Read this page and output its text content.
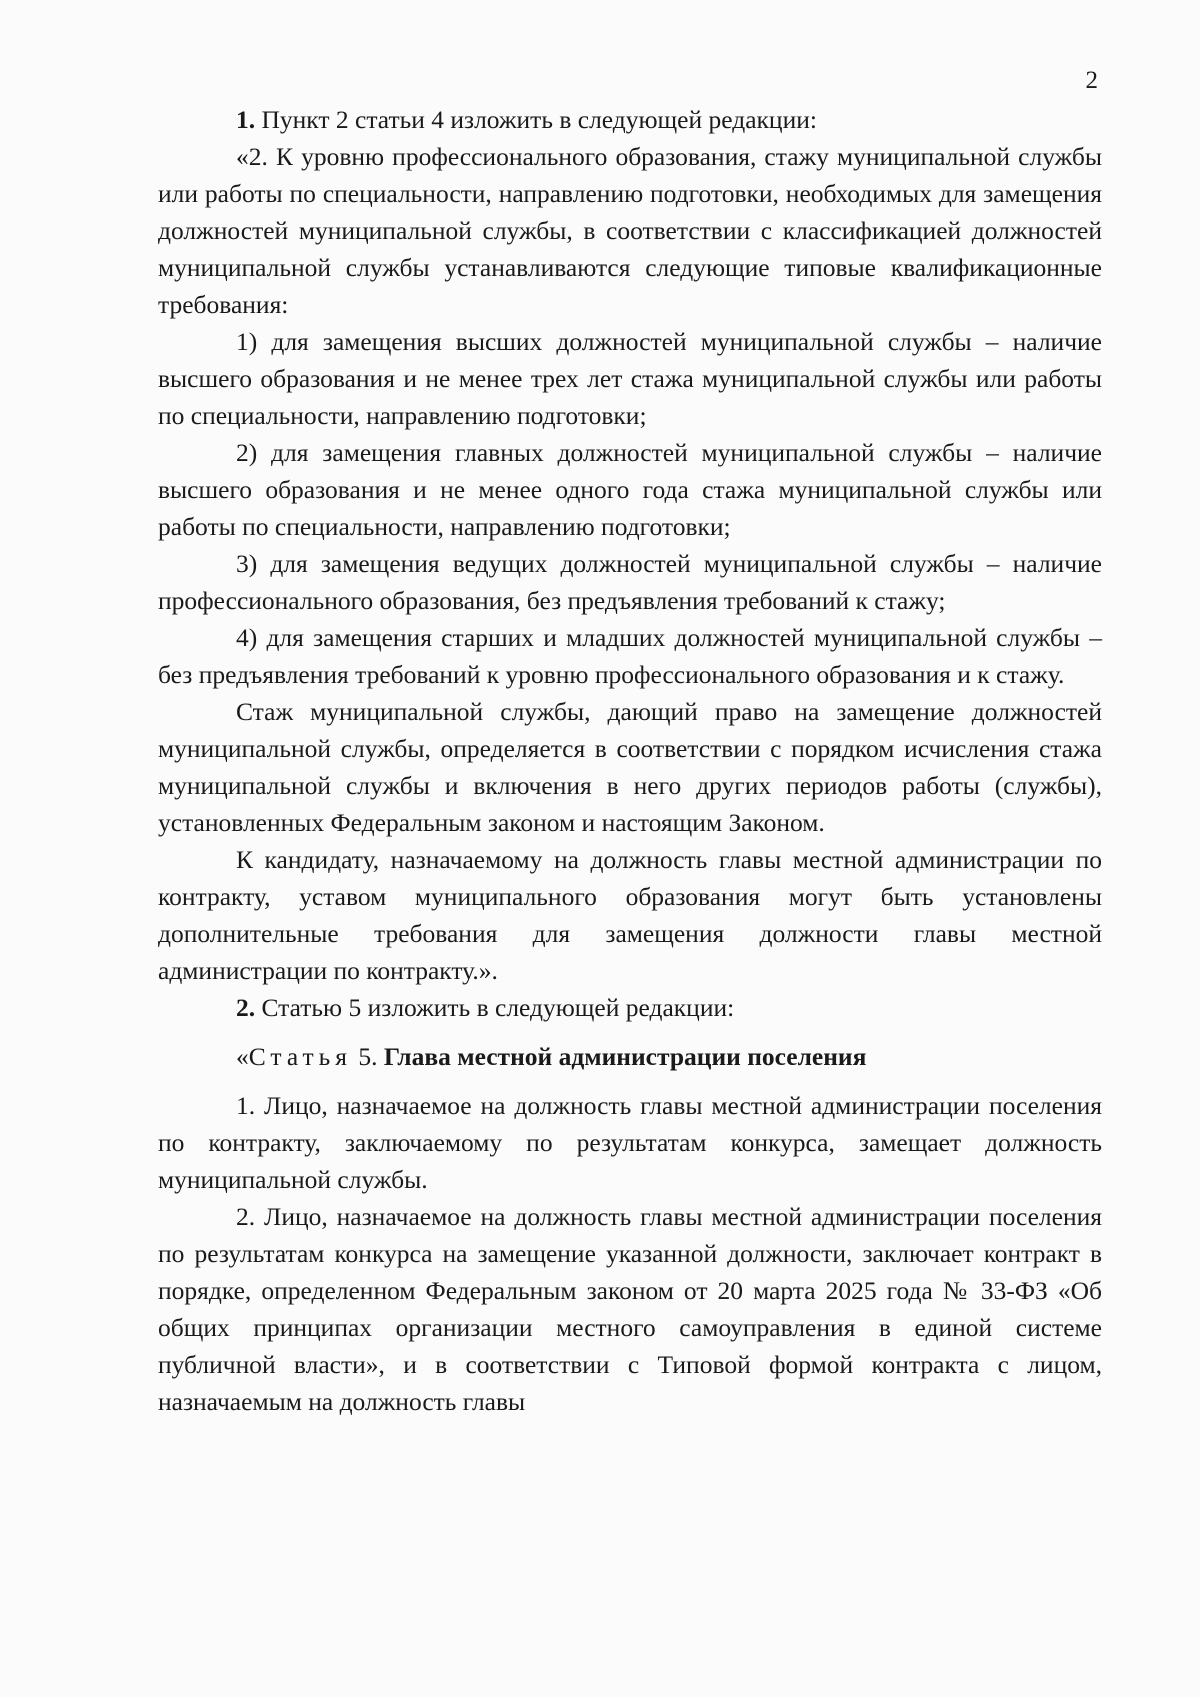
2

1. Пункт 2 статьи 4 изложить в следующей редакции:

«2. К уровню профессионального образования, стажу муниципальной службы или работы по специальности, направлению подготовки, необходимых для замещения должностей муниципальной службы, в соответствии с классификацией должностей муниципальной службы устанавливаются следующие типовые квалификационные требования:

1) для замещения высших должностей муниципальной службы – наличие высшего образования и не менее трех лет стажа муниципальной службы или работы по специальности, направлению подготовки;

2) для замещения главных должностей муниципальной службы – наличие высшего образования и не менее одного года стажа муниципальной службы или работы по специальности, направлению подготовки;

3) для замещения ведущих должностей муниципальной службы – наличие профессионального образования, без предъявления требований к стажу;

4) для замещения старших и младших должностей муниципальной службы – без предъявления требований к уровню профессионального образования и к стажу.

Стаж муниципальной службы, дающий право на замещение должностей муниципальной службы, определяется в соответствии с порядком исчисления стажа муниципальной службы и включения в него других периодов работы (службы), установленных Федеральным законом и настоящим Законом.

К кандидату, назначаемому на должность главы местной администрации по контракту, уставом муниципального образования могут быть установлены дополнительные требования для замещения должности главы местной администрации по контракту.».

2. Статью 5 изложить в следующей редакции:

«Статья 5. Глава местной администрации поселения

1. Лицо, назначаемое на должность главы местной администрации поселения по контракту, заключаемому по результатам конкурса, замещает должность муниципальной службы.

2. Лицо, назначаемое на должность главы местной администрации поселения по результатам конкурса на замещение указанной должности, заключает контракт в порядке, определенном Федеральным законом от 20 марта 2025 года № 33-ФЗ «Об общих принципах организации местного самоуправления в единой системе публичной власти», и в соответствии с Типовой формой контракта с лицом, назначаемым на должность главы
